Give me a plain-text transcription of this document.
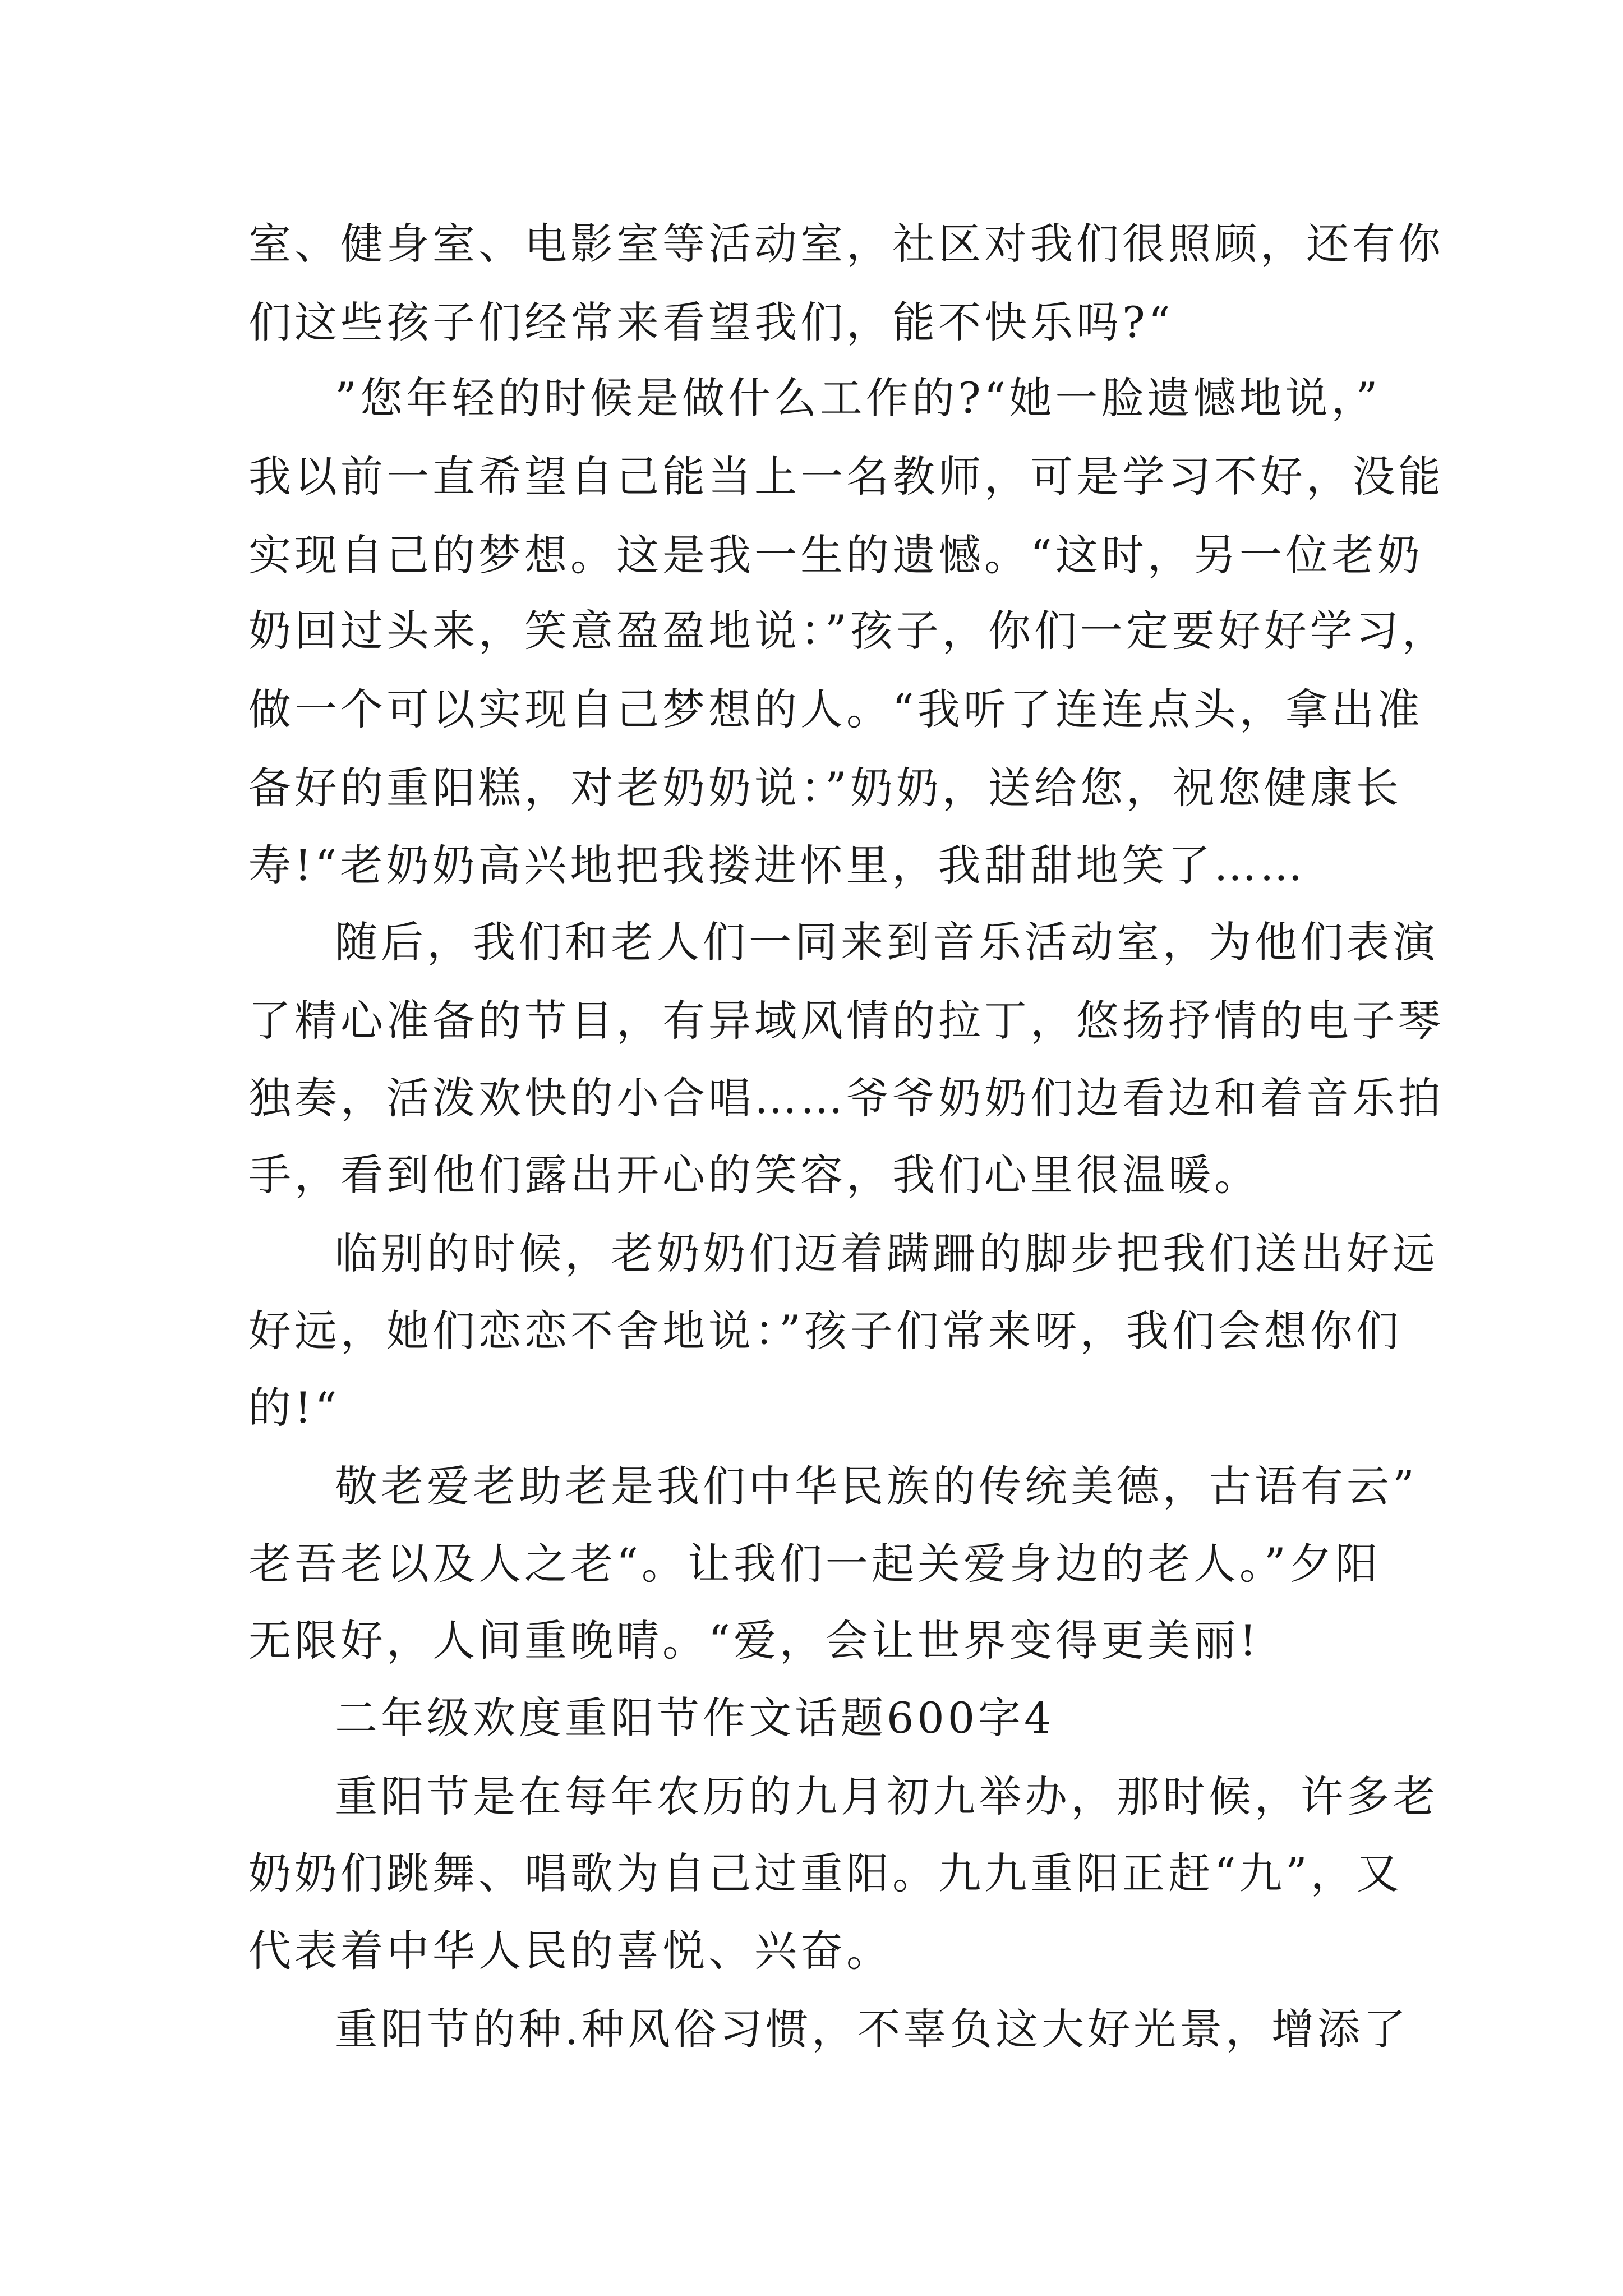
室、健身室、电影室等活动室，社区对我们很照顾，还有你
们这些孩子们经常来看望我们，能不快乐吗?“
”您年轻的时候是做什么工作的?“她一脸遗憾地说，”
我以前一直希望自己能当上一名教师，可是学习不好，没能
实现自己的梦想。这是我一生的遗憾。“这时，另一位老奶
奶回过头来，笑意盈盈地说：”孩子，你们一定要好好学习，
做一个可以实现自己梦想的人。“我听了连连点头，拿出准
备好的重阳糕，对老奶奶说：”奶奶，送给您，祝您健康长
寿!“老奶奶高兴地把我搂进怀里，我甜甜地笑了……
随后，我们和老人们一同来到音乐活动室，为他们表演
了精心准备的节目，有异域风情的拉丁，悠扬抒情的电子琴
独奏，活泼欢快的小合唱……爷爷奶奶们边看边和着音乐拍
手，看到他们露出开心的笑容，我们心里很温暖。
临别的时候，老奶奶们迈着蹒跚的脚步把我们送出好远
好远，她们恋恋不舍地说：”孩子们常来呀，我们会想你们
的!“
敬老爱老助老是我们中华民族的传统美德，古语有云”
老吾老以及人之老“。让我们一起关爱身边的老人。”夕阳
无限好，人间重晚晴。“爱，会让世界变得更美丽!
二年级欢度重阳节作文话题600字4
重阳节是在每年农历的九月初九举办，那时候，许多老
奶奶们跳舞、唱歌为自己过重阳。九九重阳正赶“九”，又
代表着中华人民的喜悦、兴奋。
重阳节的种.种风俗习惯，不辜负这大好光景，增添了
